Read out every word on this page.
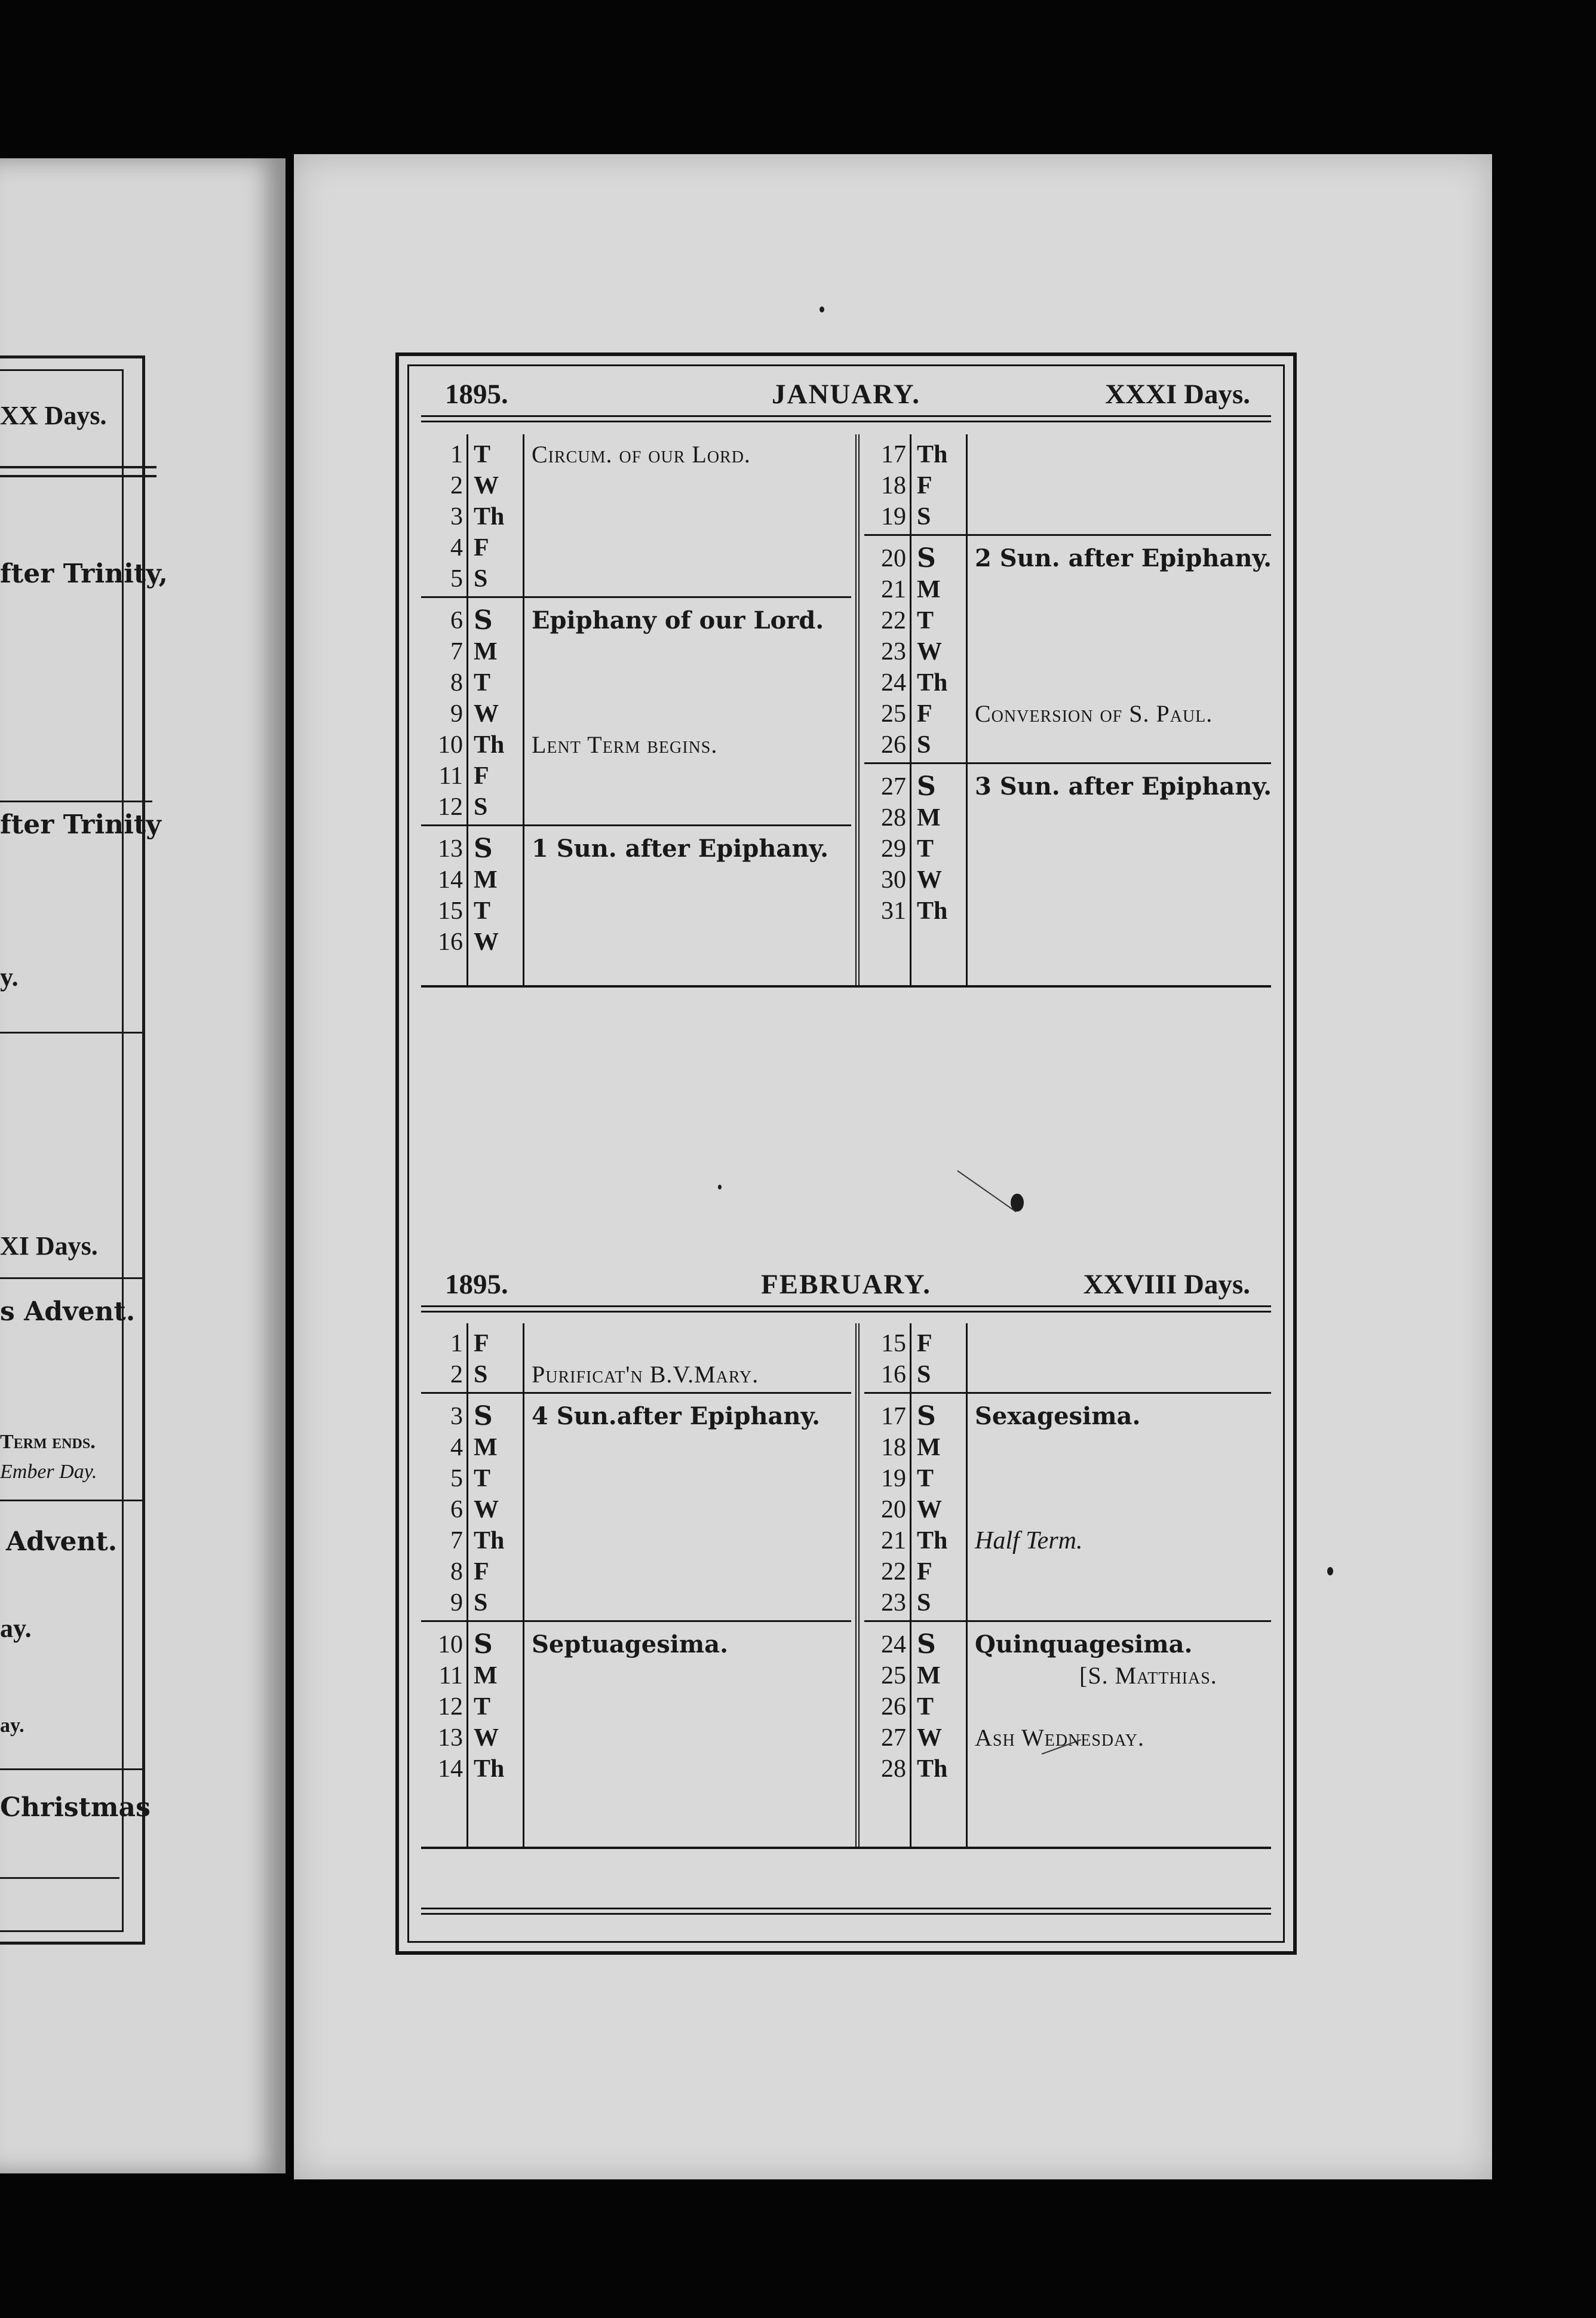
XX Days.
fter Trinity,
fter Trinity
y.
XI Days.
s Advent.
Term ends.
Ember Day.
Advent.
ay.
ay.
Christmas
1895.	JANUARY.	XXXI Days.
1 T Circum. of our Lord.
2 W
3 Th
4 F
5 S
6 S Epiphany of our Lord.
7 M
8 T
9 W
10 Th Lent Term begins.
11 F
12 S
13 S 1 Sun. after Epiphany.
14 M
15 T
16 W
17 Th
18 F
19 S
20 S 2 Sun. after Epiphany.
21 M
22 T
23 W
24 Th
25 F Conversion of S. Paul.
26 S
27 S 3 Sun. after Epiphany.
28 M
29 T
30 W
31 Th
1895.	FEBRUARY.	XXVIII Days.
1 F
2 S Purificat'n B.V.Mary.
3 S 4 Sun.after Epiphany.
4 M
5 T
6 W
7 Th
8 F
9 S
10 S Septuagesima.
11 M
12 T
13 W
14 Th
15 F
16 S
17 S Sexagesima.
18 M
19 T
20 W
21 Th Half Term.
22 F
23 S
24 S Quinquagesima.
25 M	[S. Matthias.
26 T
27 W Ash Wednesday.
28 Th
